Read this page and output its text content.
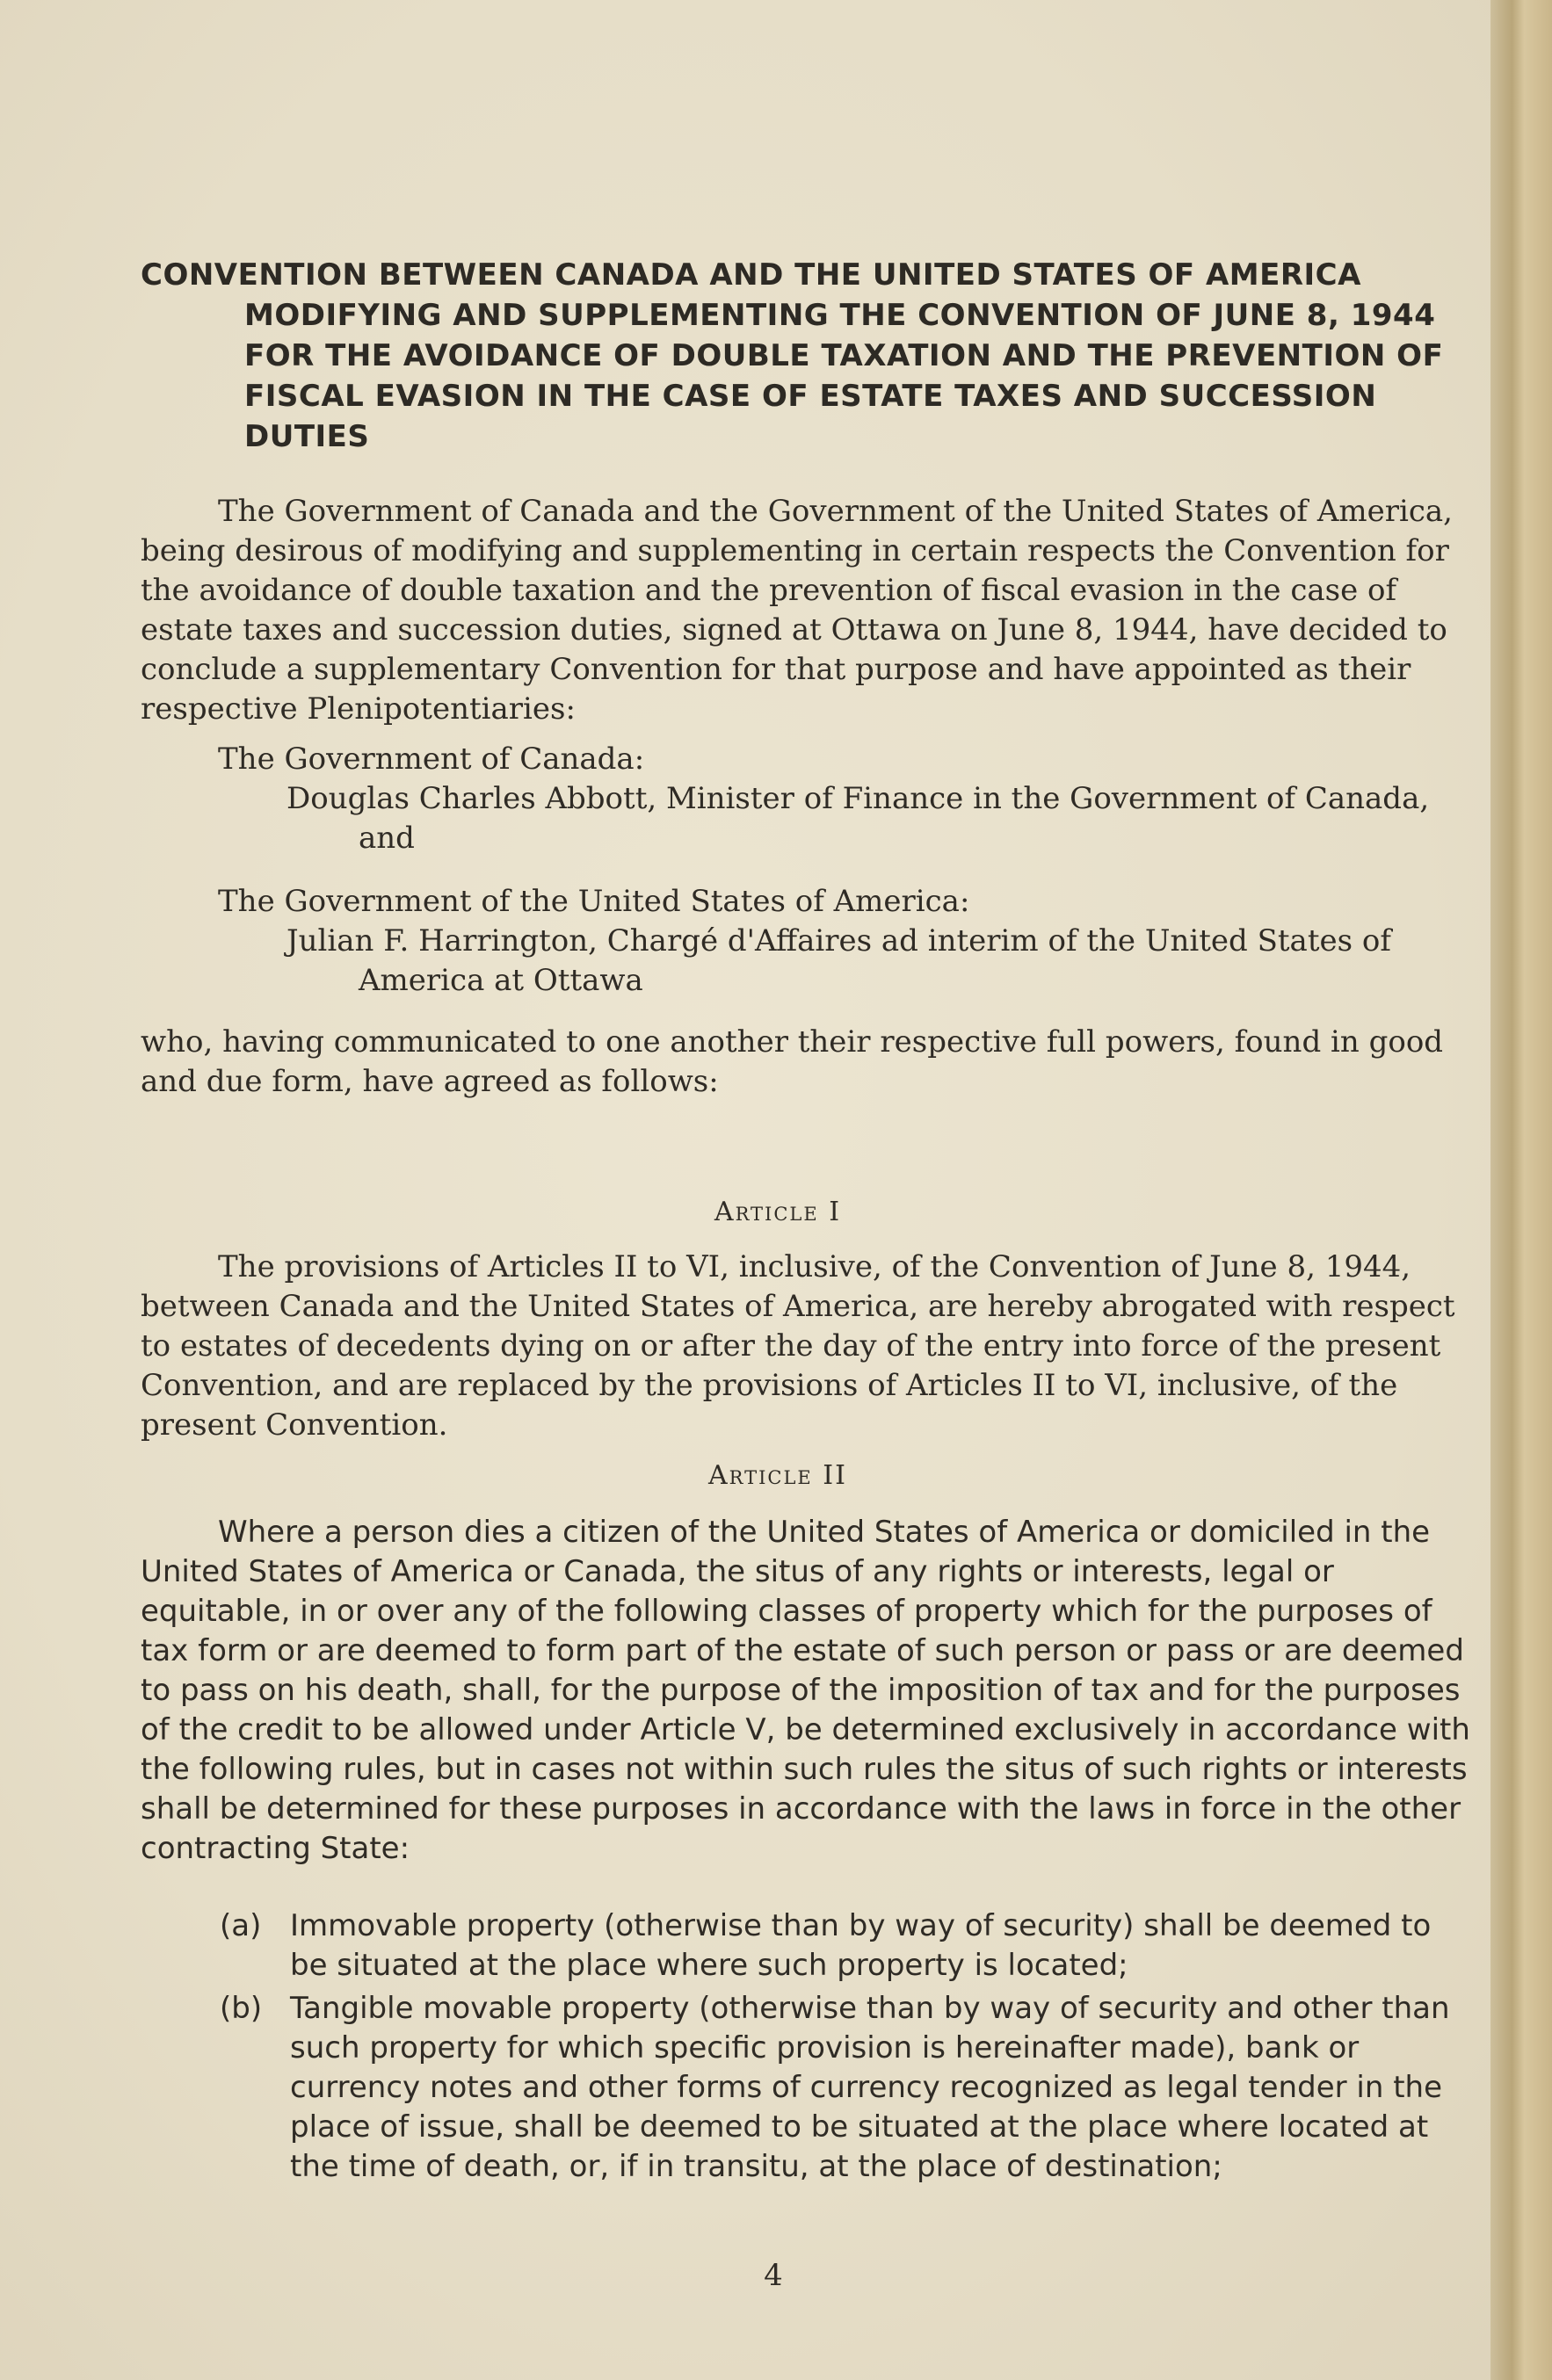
CONVENTION BETWEEN CANADA AND THE UNITED STATES OF AMERICA
MODIFYING AND SUPPLEMENTING THE CONVENTION OF JUNE 8, 1944 FOR THE AVOIDANCE OF DOUBLE TAXATION AND THE PREVENTION OF FISCAL EVASION IN THE CASE OF ESTATE TAXES AND SUCCESSION DUTIES

The Government of Canada and the Government of the United States of America, being desirous of modifying and supplementing in certain respects the Convention for the avoidance of double taxation and the prevention of fiscal evasion in the case of estate taxes and succession duties, signed at Ottawa on June 8, 1944, have decided to conclude a supplementary Convention for that purpose and have appointed as their respective Plenipotentiaries:

The Government of Canada:
Douglas Charles Abbott, Minister of Finance in the Government of Canada, and
The Government of the United States of America:
Julian F. Harrington, Chargé d'Affaires ad interim of the United States of America at Ottawa

who, having communicated to one another their respective full powers, found in good and due form, have agreed as follows:

Article I

The provisions of Articles II to VI, inclusive, of the Convention of June 8, 1944, between Canada and the United States of America, are hereby abrogated with respect to estates of decedents dying on or after the day of the entry into force of the present Convention, and are replaced by the provisions of Articles II to VI, inclusive, of the present Convention.

Article II

Where a person dies a citizen of the United States of America or domiciled in the United States of America or Canada, the situs of any rights or interests, legal or equitable, in or over any of the following classes of property which for the purposes of tax form or are deemed to form part of the estate of such person or pass or are deemed to pass on his death, shall, for the purpose of the imposition of tax and for the purposes of the credit to be allowed under Article V, be determined exclusively in accordance with the following rules, but in cases not within such rules the situs of such rights or interests shall be determined for these purposes in accordance with the laws in force in the other contracting State:

(a) Immovable property (otherwise than by way of security) shall be deemed to be situated at the place where such property is located;
(b) Tangible movable property (otherwise than by way of security and other than such property for which specific provision is hereinafter made), bank or currency notes and other forms of currency recognized as legal tender in the place of issue, shall be deemed to be situated at the place where located at the time of death, or, if in transitu, at the place of destination;
4
